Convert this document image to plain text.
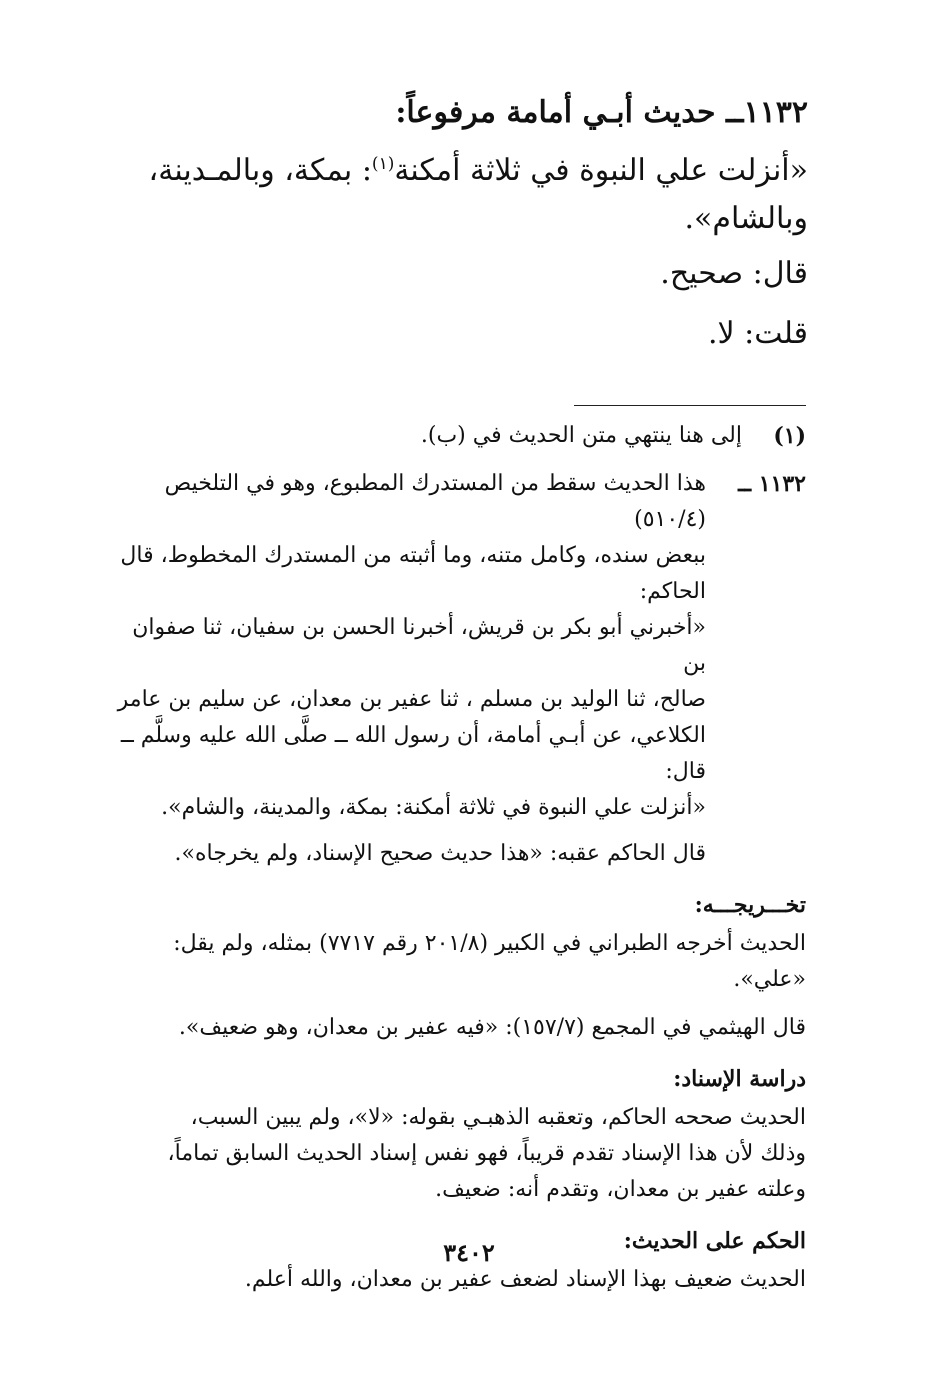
١١٣٢ــ حديث أبـي أمامة مرفوعاً:

«أنزلت علي النبوة في ثلاثة أمكنة$^{(١)}$: بمكة، وبالمـدينة،
وبالشام».

قال: صحيح.

قلت: لا.

(١)
إلى هنا ينتهي متن الحديث في (ب).
١١٣٢ ــ
هذا الحديث سقط من المستدرك المطبوع، وهو في التلخيص (٥١٠/٤)
ببعض سنده، وكامل متنه، وما أثبته من المستدرك المخطوط، قال الحاكم:
«أخبرني أبو بكر بن قريش، أخبرنا الحسن بن سفيان، ثنا صفوان بن
صالح، ثنا الوليد بن مسلم ، ثنا عفير بن معدان، عن سليم بن عامر
الكلاعي، عن أبـي أمامة، أن رسول الله ــ صلَّى الله عليه وسلَّم ــ قال:
«أنزلت علي النبوة في ثلاثة أمكنة: بمكة، والمدينة، والشام».
قال الحاكم عقبه: «هذا حديث صحيح الإسناد، ولم يخرجاه».
تخـــريجـــه:
الحديث أخرجه الطبراني في الكبير (٢٠١/٨ رقم ٧٧١٧) بمثله، ولم يقل:
«علي».
قال الهيثمي في المجمع (١٥٧/٧): «فيه عفير بن معدان، وهو ضعيف».
دراسة الإسناد:
الحديث صححه الحاكم، وتعقبه الذهبـي بقوله: «لا»، ولم يبين السبب،
وذلك لأن هذا الإسناد تقدم قريباً، فهو نفس إسناد الحديث السابق تماماً،
وعلته عفير بن معدان، وتقدم أنه: ضعيف.
الحكم على الحديث:
الحديث ضعيف بهذا الإسناد لضعف عفير بن معدان، والله أعلم.
٣٤٠٢
